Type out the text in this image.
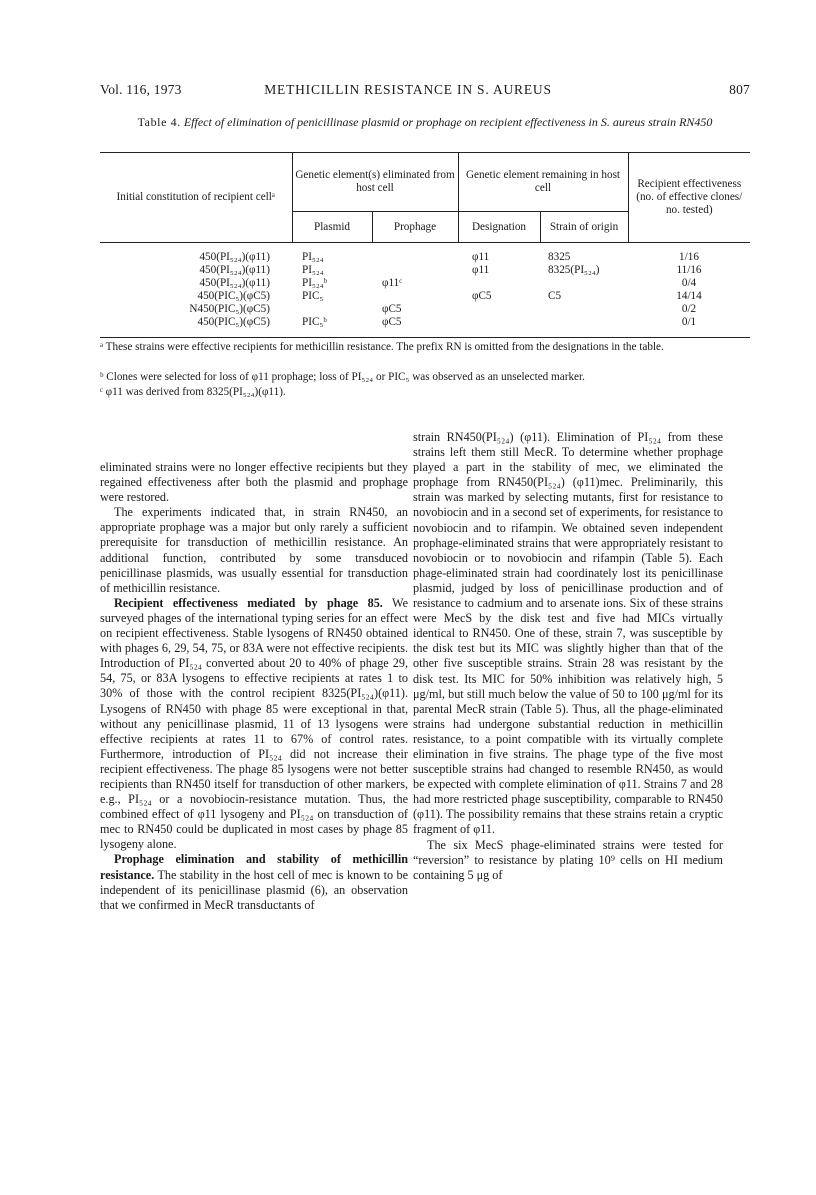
Vol. 116, 1973	METHICILLIN RESISTANCE IN S. AUREUS	807
Table 4. Effect of elimination of penicillinase plasmid or prophage on recipient effectiveness in S. aureus strain RN450
Initial constitution of recipient cellᵃ	Genetic element(s) eliminated from host cell		Genetic element remaining in host cell		Recipient effectiveness (no. of effective clones/ no. tested)
	Plasmid	Prophage	Designation	Strain of origin	

450(PI₅₂₄)(φ11)	PI₅₂₄		φ11	8325	1/16
450(PI₅₂₄)(φ11)	PI₅₂₄		φ11	8325(PI₅₂₄)	11/16
450(PI₅₂₄)(φ11)	PI₅₂₄ᵇ	φ11ᶜ			0/4
450(PIC₅)(φC5)	PIC₅		φC5	C5	14/14
N450(PIC₅)(φC5)		φC5			0/2
450(PIC₅)(φC5)	PIC₅ᵇ	φC5			0/1

ᵃ These strains were effective recipients for methicillin resistance. The prefix RN is omitted from the designations in the table.
ᵇ Clones were selected for loss of φ11 prophage; loss of PI₅₂₄ or PIC₅ was observed as an unselected marker.
ᶜ φ11 was derived from 8325(PI₅₂₄)(φ11).

eliminated strains were no longer effective recipients but they regained effectiveness after both the plasmid and prophage were restored.

The experiments indicated that, in strain RN450, an appropriate prophage was a major but only rarely a sufficient prerequisite for transduction of methicillin resistance. An additional function, contributed by some transduced penicillinase plasmids, was usually essential for transduction of methicillin resistance.

Recipient effectiveness mediated by phage 85. We surveyed phages of the international typing series for an effect on recipient effectiveness. Stable lysogens of RN450 obtained with phages 6, 29, 54, 75, or 83A were not effective recipients. Introduction of PI₅₂₄ converted about 20 to 40% of phage 29, 54, 75, or 83A lysogens to effective recipients at rates 1 to 30% of those with the control recipient 8325(PI₅₂₄)(φ11). Lysogens of RN450 with phage 85 were exceptional in that, without any penicillinase plasmid, 11 of 13 lysogens were effective recipients at rates 11 to 67% of control rates. Furthermore, introduction of PI₅₂₄ did not increase their recipient effectiveness. The phage 85 lysogens were not better recipients than RN450 itself for transduction of other markers, e.g., PI₅₂₄ or a novobiocin-resistance mutation. Thus, the combined effect of φ11 lysogeny and PI₅₂₄ on transduction of mec to RN450 could be duplicated in most cases by phage 85 lysogeny alone.

Prophage elimination and stability of methicillin resistance. The stability in the host cell of mec is known to be independent of its penicillinase plasmid (6), an observation that we confirmed in MecR transductants of

strain RN450(PI₅₂₄) (φ11). Elimination of PI₅₂₄ from these strains left them still MecR. To determine whether prophage played a part in the stability of mec, we eliminated the prophage from RN450(PI₅₂₄) (φ11)mec. Preliminarily, this strain was marked by selecting mutants, first for resistance to novobiocin and in a second set of experiments, for resistance to novobiocin and to rifampin. We obtained seven independent prophage-eliminated strains that were appropriately resistant to novobiocin or to novobiocin and rifampin (Table 5). Each phage-eliminated strain had coordinately lost its penicillinase plasmid, judged by loss of penicillinase production and of resistance to cadmium and to arsenate ions. Six of these strains were MecS by the disk test and five had MICs virtually identical to RN450. One of these, strain 7, was susceptible by the disk test but its MIC was slightly higher than that of the other five susceptible strains. Strain 28 was resistant by the disk test. Its MIC for 50% inhibition was relatively high, 5 μg/ml, but still much below the value of 50 to 100 μg/ml for its parental MecR strain (Table 5). Thus, all the phage-eliminated strains had undergone substantial reduction in methicillin resistance, to a point compatible with its virtually complete elimination in five strains. The phage type of the five most susceptible strains had changed to resemble RN450, as would be expected with complete elimination of φ11. Strains 7 and 28 had more restricted phage susceptibility, comparable to RN450 (φ11). The possibility remains that these strains retain a cryptic fragment of φ11.

The six MecS phage-eliminated strains were tested for “reversion” to resistance by plating 10⁹ cells on HI medium containing 5 μg of
